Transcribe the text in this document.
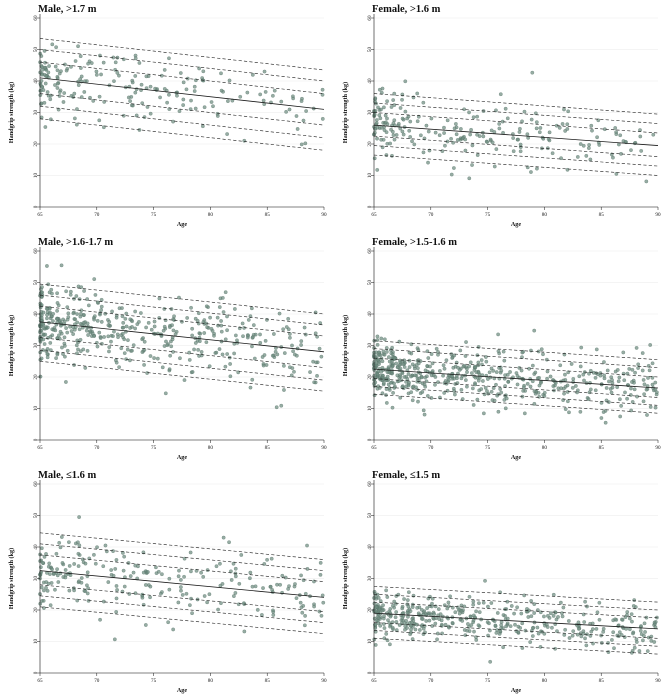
Male, >1.7 m
65	70	75	80	85	90
0
10
20
30
40
50
60
Age
Handgrip strength (kg)
Female, >1.6 m
65	70	75	80	85	90
0
10
20
30
40
50
60
Age
Handgrip strength (kg)
Male, >1.6-1.7 m
65	70	75	80	85	90
0
10
20
30
40
50
60
Age
Handgrip strength (kg)
Female, >1.5-1.6 m
65	70	75	80	85	90
0
10
20
30
40
50
60
Age
Handgrip strength (kg)
Male, ≤1.6 m
65	70	75	80	85	90
0
10
20
30
40
50
60
Age
Handgrip strength (kg)
Female, ≤1.5 m
65	70	75	80	85	90
0
10
20
30
40
50
60
Age
Handgrip strength (kg)
